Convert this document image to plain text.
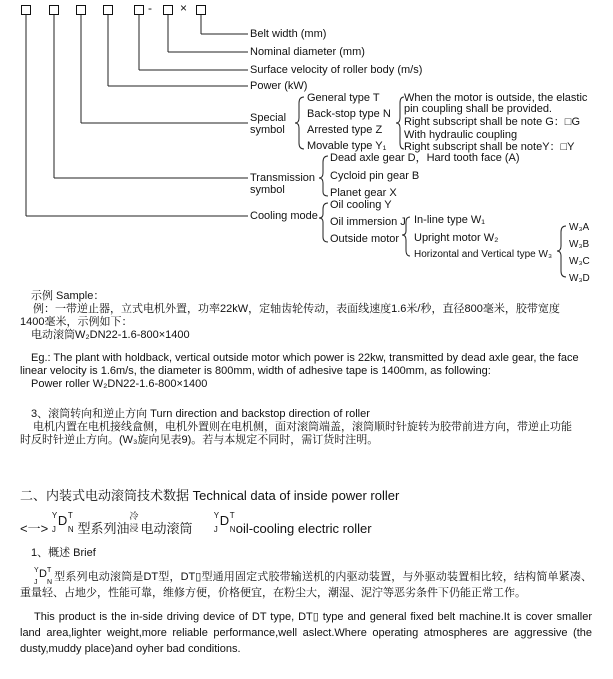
- ×
Belt width (mm)
Nominal diameter (mm)
Surface velocity of roller body (m/s)
Power (kW)
Special
symbol
General type T
Back-stop type N
Arrested type Z
Movable type Y₁
When the motor is outside, the elastic
pin coupling shall be provided.
Right subscript shall be note G：□G
With hydraulic coupling
Right subscript shall be noteY：□Y
Transmission
symbol
Dead axle gear D，Hard tooth face (A)
Cycloid pin gear B
Planet gear X
Cooling mode
Oil cooling Y
Oil immersion J
Outside motor
In-line type W₁
Upright motor W₂
Horizontal and Vertical type W₃
W₃A
W₃B
W₃C
W₃D
示例 Sample：
例：一带逆止器，立式电机外置，功率22kW，定轴齿轮传动，表面线速度1.6米/秒，直径800毫米，胶带宽度
1400毫米，示例如下：
电动滚筒W₂DN22-1.6-800×1400
Eg.: The plant with holdback, vertical outside motor which power is 22kw, transmitted by dead axle gear, the face
linear velocity is 1.6m/s, the diameter is 800mm, width of adhesive tape is 1400mm, as following:
Power roller W₂DN22-1.6-800×1400
3、滚筒转向和逆止方向 Turn direction and backstop direction of roller
电机内置在电机接线盒侧，电机外置则在电机侧，面对滚筒端盖，滚筒顺时针旋转为胶带前进方向，带逆止功能
时反时针逆止方向。(W₃旋向见表9)。若与本规定不同时，需订货时注明。
二、内装式电动滚筒技术数据 Technical data of inside power roller
<一>
Y
J
D T
N 型系列油
冷
浸 电动滚筒
Y
J
D T
N oil-cooling electric roller
1、概述 Brief
Y
J
D T
N 型系列电动滚筒是DT型，DT▯型通用固定式胶带输送机的内驱动装置，与外驱动装置相比较，结构简单紧凑、重量轻、占地少，性能可靠，维修方便，价格便宜，在粉尘大，潮湿、泥泞等恶劣条件下仍能正常工作。
This product is the in-side driving device of DT type, DT▯ type and general fixed belt machine.It is cover smaller land area,lighter weight,more reliable performance,well aslect.Where operating atmospheres are aggressive (the dusty,muddy place)and oyher bad conditions.
